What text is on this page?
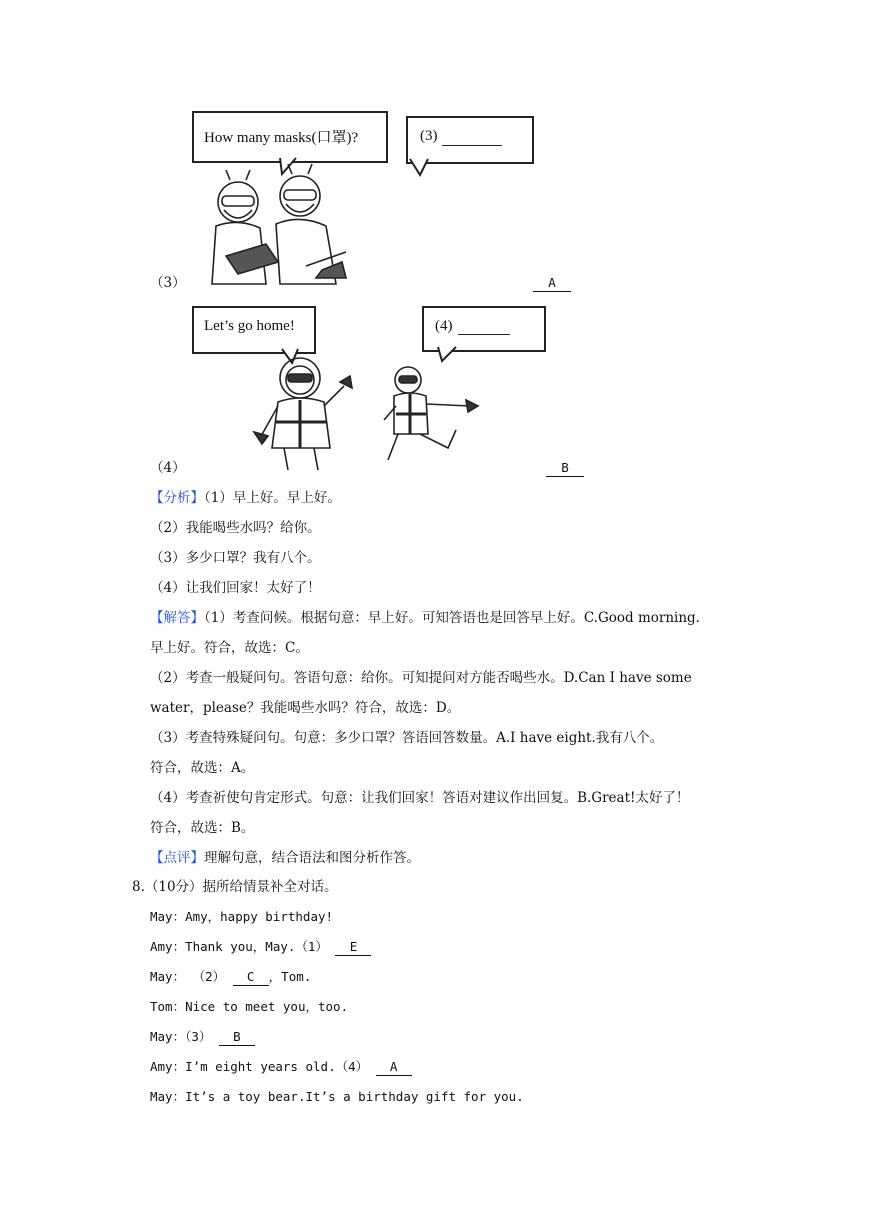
How many masks(口罩)?	(3)
（3）	A
Let’s go home!	(4)
（4）	B
【分析】（1）早上好。早上好。
（2）我能喝些水吗？给你。
（3）多少口罩？我有八个。
（4）让我们回家！太好了！
【解答】（1）考查问候。根据句意：早上好。可知答语也是回答早上好。C.Good morning.
早上好。符合，故选：C。
（2）考查一般疑问句。答语句意：给你。可知提问对方能否喝些水。D.Can I have some
water，please？我能喝些水吗？符合，故选：D。
（3）考查特殊疑问句。句意：多少口罩？答语回答数量。A.I have eight.我有八个。
符合，故选：A。
（4）考查祈使句肯定形式。句意：让我们回家！答语对建议作出回复。B.Great!太好了！
符合，故选：B。
【点评】理解句意，结合语法和图分析作答。
8.（10分）据所给情景补全对话。
May：Amy，happy birthday!
Amy：Thank you，May.（1） E
May： （2） C ，Tom.
Tom：Nice to meet you，too.
May：（3） B
Amy：I’m eight years old.（4） A
May：It’s a toy bear.It’s a birthday gift for you.
